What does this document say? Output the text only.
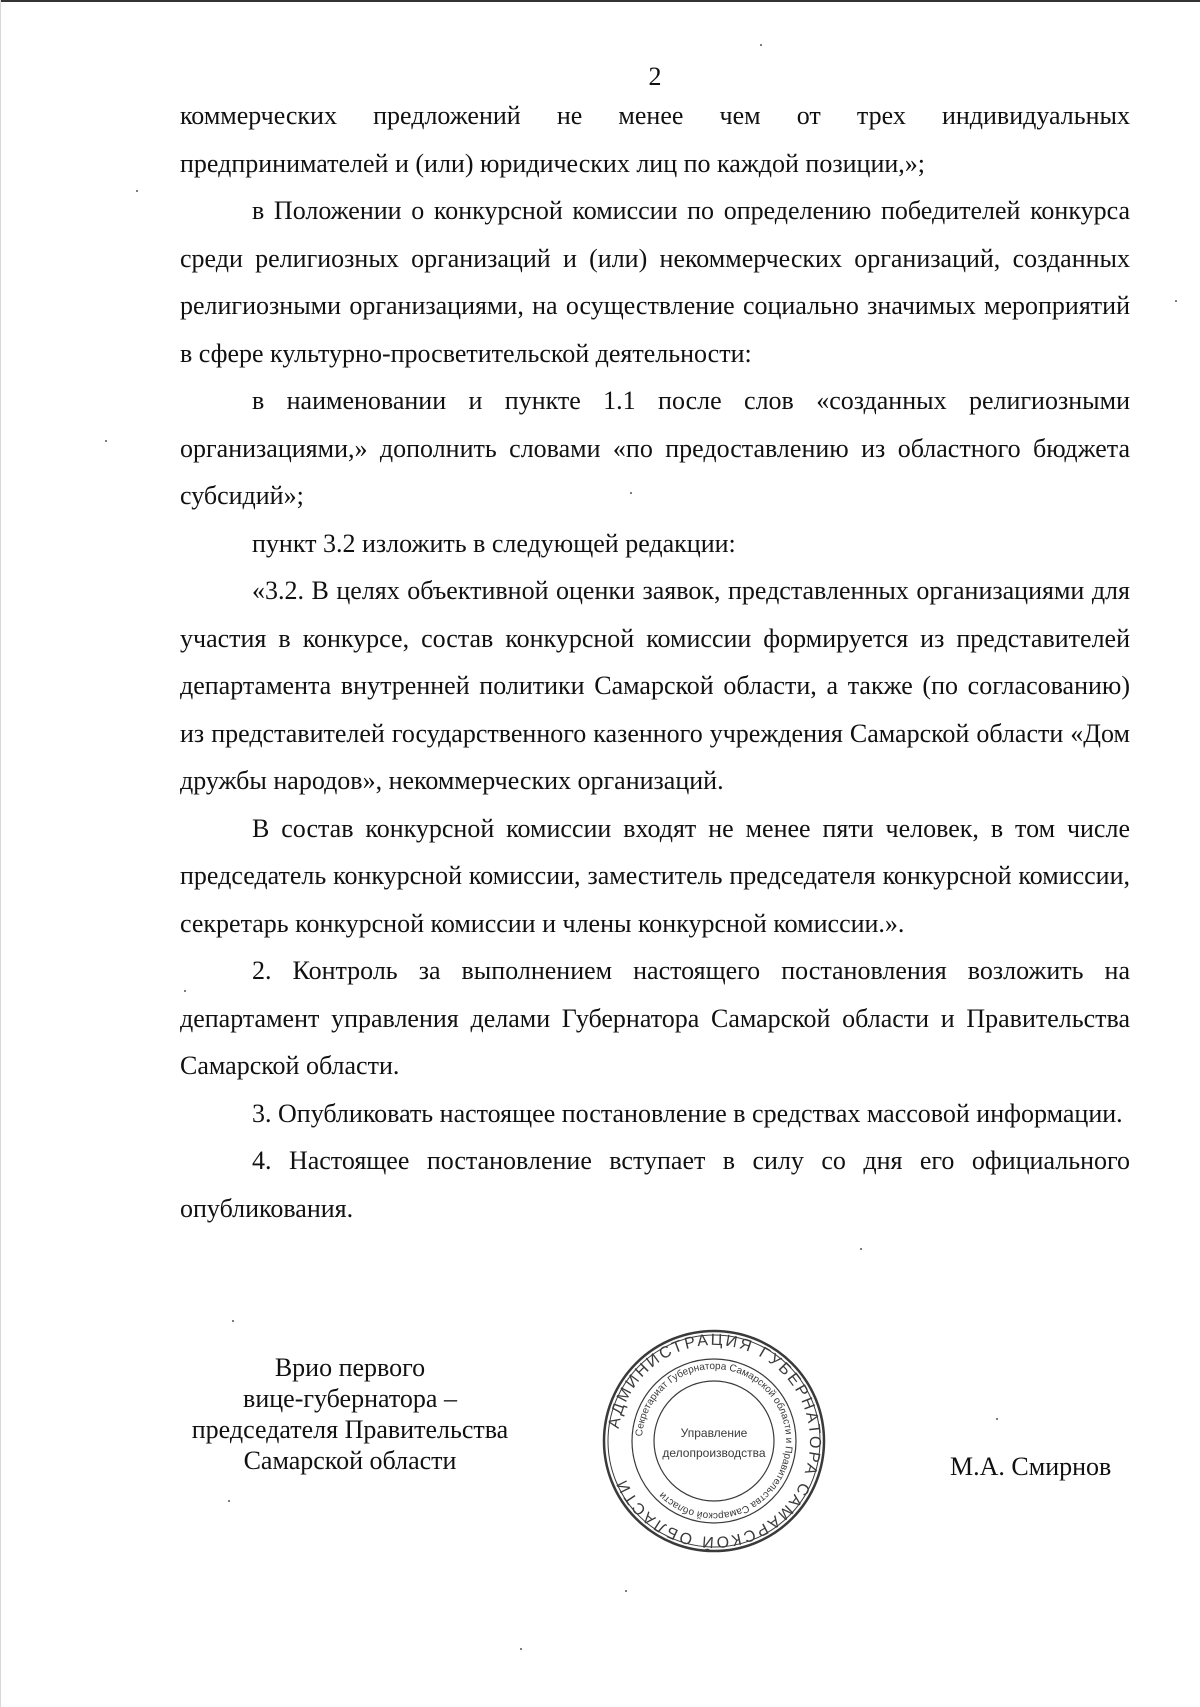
2

коммерческих предложений не менее чем от трех индивидуальных предпринимателей и (или) юридических лиц по каждой позиции,»;

в Положении о конкурсной комиссии по определению победителей конкурса среди религиозных организаций и (или) некоммерческих организаций, созданных религиозными организациями, на осуществление социально значимых мероприятий в сфере культурно-просветительской деятельности:

в наименовании и пункте 1.1 после слов «созданных религиозными организациями,» дополнить словами «по предоставлению из областного бюджета субсидий»;

пункт 3.2 изложить в следующей редакции:

«3.2. В целях объективной оценки заявок, представленных организациями для участия в конкурсе, состав конкурсной комиссии формируется из представителей департамента внутренней политики Самарской области, а также (по согласованию) из представителей государственного казенного учреждения Самарской области «Дом дружбы народов», некоммерческих организаций.

В состав конкурсной комиссии входят не менее пяти человек, в том числе председатель конкурсной комиссии, заместитель председателя конкурсной комиссии, секретарь конкурсной комиссии и члены конкурсной комиссии.».

2. Контроль за выполнением настоящего постановления возложить на департамент управления делами Губернатора Самарской области и Правительства Самарской области.

3. Опубликовать настоящее постановление в средствах массовой информации.

4. Настоящее постановление вступает в силу со дня его официального опубликования.

Врио первого
вице-губернатора –
председателя Правительства
Самарской области
АДМИНИСТРАЦИЯ ГУБЕРНАТОРА САМАРСКОЙ ОБЛАСТИ
Секретариат Губернатора Самарской области и Правительства Самарской области
Управление
делопроизводства	М.А. Смирнов
